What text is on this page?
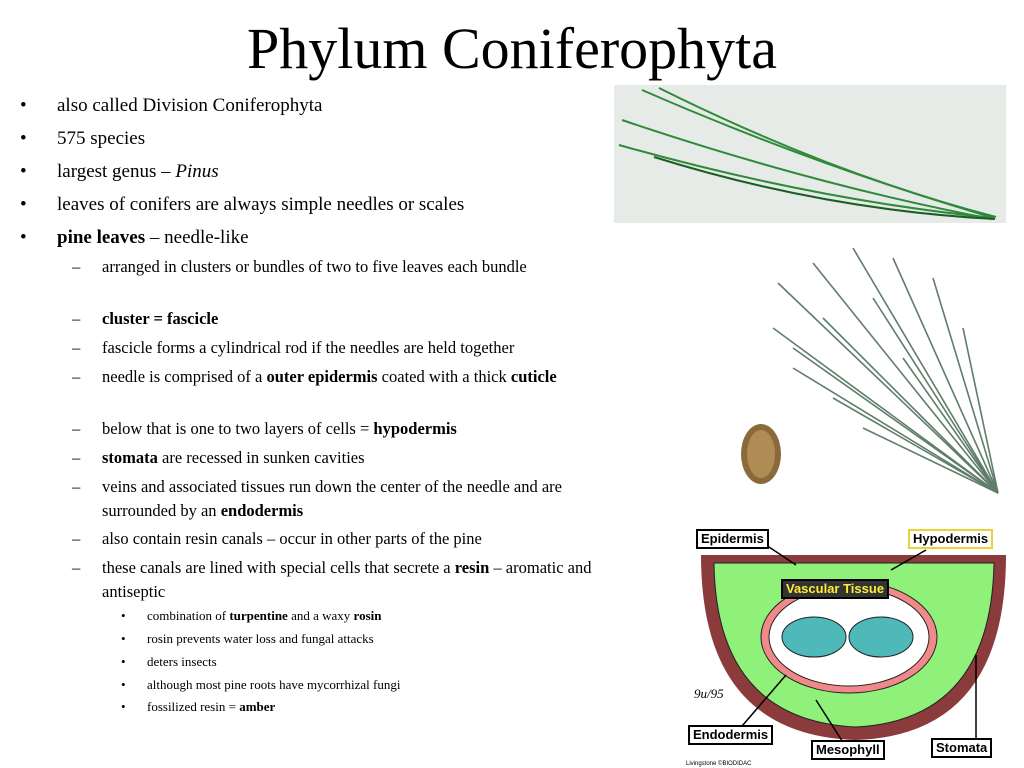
Phylum Coniferophyta
• also called Division Coniferophyta
• 575 species
• largest genus – Pinus
• leaves of conifers are always simple needles or scales
• pine leaves – needle-like
– arranged in clusters or bundles of two to five leaves each bundle
– cluster = fascicle
– fascicle forms a cylindrical rod if the needles are held together
– needle is comprised of a outer epidermis coated with a thick cuticle
– below that is one to two layers of cells = hypodermis
– stomata are recessed in sunken cavities
– veins and associated tissues run down the center of the needle and are surrounded by an endodermis
– also contain resin canals – occur in other parts of the pine
– these canals are lined with special cells that secrete a resin – aromatic and antiseptic
• combination of turpentine and a waxy rosin
• rosin prevents water loss and fungal attacks
• deters insects
• although most pine roots have mycorrhizal fungi
• fossilized resin = amber
9u/95
Livingstone ©BIODIDAC
Epidermis	Hypodermis
Vascular Tissue
Endodermis
Mesophyll	Stomata
